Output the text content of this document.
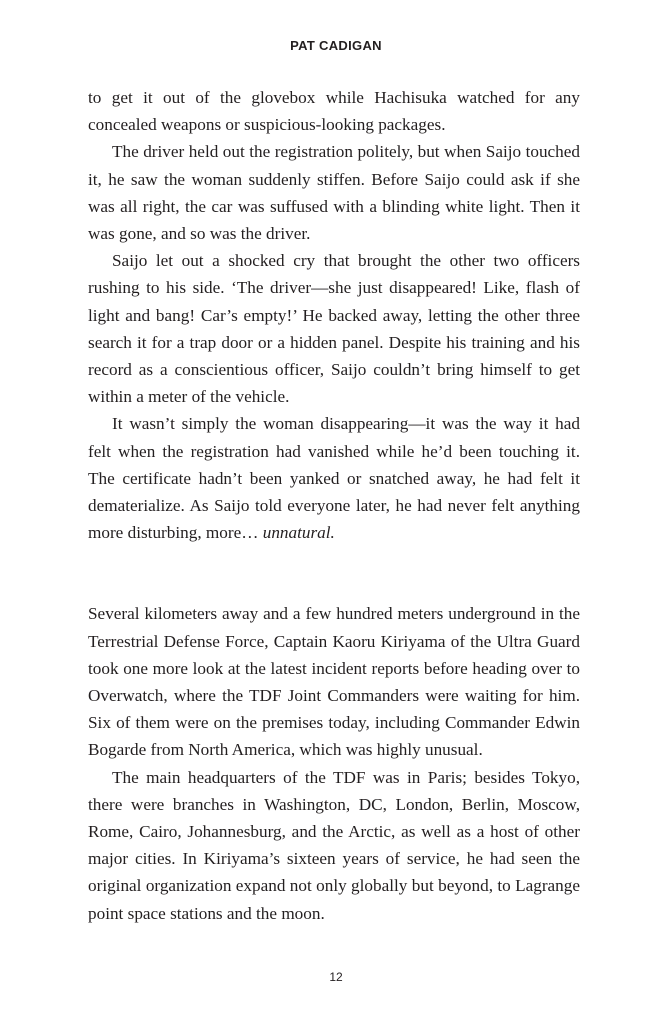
PAT CADIGAN

to get it out of the glovebox while Hachisuka watched for any concealed weapons or suspicious-looking packages.

The driver held out the registration politely, but when Saijo touched it, he saw the woman suddenly stiffen. Before Saijo could ask if she was all right, the car was suffused with a blinding white light. Then it was gone, and so was the driver.

Saijo let out a shocked cry that brought the other two officers rushing to his side. ‘The driver—she just disappeared! Like, flash of light and bang! Car’s empty!’ He backed away, letting the other three search it for a trap door or a hidden panel. Despite his training and his record as a conscientious officer, Saijo couldn’t bring himself to get within a meter of the vehicle.

It wasn’t simply the woman disappearing—it was the way it had felt when the registration had vanished while he’d been touching it. The certificate hadn’t been yanked or snatched away, he had felt it dematerialize. As Saijo told everyone later, he had never felt anything more disturbing, more… unnatural.

Several kilometers away and a few hundred meters underground in the Terrestrial Defense Force, Captain Kaoru Kiriyama of the Ultra Guard took one more look at the latest incident reports before heading over to Overwatch, where the TDF Joint Commanders were waiting for him. Six of them were on the premises today, including Commander Edwin Bogarde from North America, which was highly unusual.

The main headquarters of the TDF was in Paris; besides Tokyo, there were branches in Washington, DC, London, Berlin, Moscow, Rome, Cairo, Johannesburg, and the Arctic, as well as a host of other major cities. In Kiriyama’s sixteen years of service, he had seen the original organization expand not only globally but beyond, to Lagrange point space stations and the moon.

12
